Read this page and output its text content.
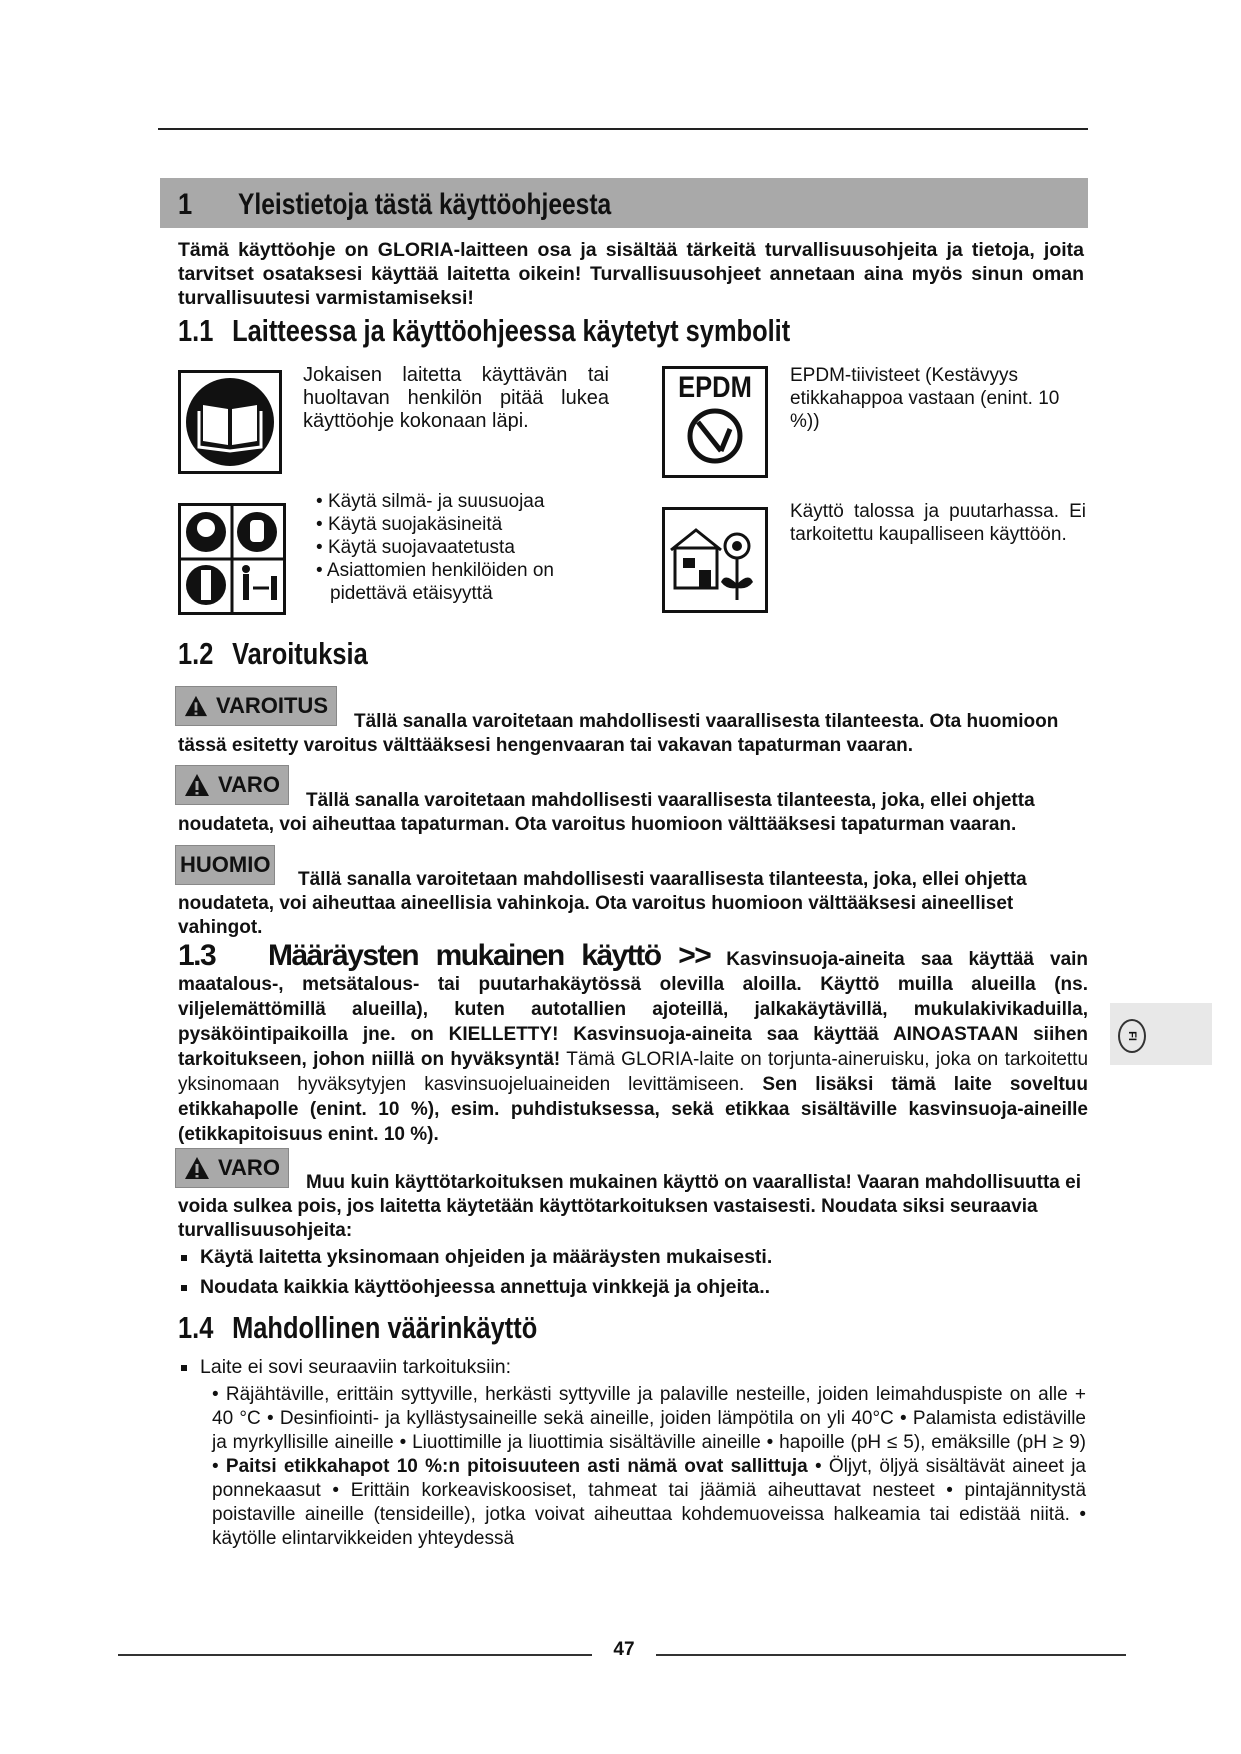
1 Yleistietoja tästä käyttöohjeesta
Tämä käyttöohje on GLORIA-laitteen osa ja sisältää tärkeitä turvallisuusohjeita ja tietoja, joita tarvitset osataksesi käyttää laitetta oikein! Turvallisuusohjeet annetaan aina myös sinun oman turvallisuutesi varmistamiseksi!
1.1 Laitteessa ja käyttöohjeessa käytetyt symbolit
Jokaisen laitetta käyttävän tai huoltavan henkilön pitää lukea käyttöohje kokonaan läpi.
EPDM EPDM-tiivisteet (Kestävyys etikkahappoa vastaan (enint. 10 %))
• Käytä silmä- ja suusuojaa
• Käytä suojakäsineitä
• Käytä suojavaatetusta
• Asiattomien henkilöiden on pidettävä etäisyyttä
Käyttö talossa ja puutarhassa. Ei tarkoitettu kaupalliseen käyttöön.
1.2 Varoituksia
VAROITUS
Tällä sanalla varoitetaan mahdollisesti vaarallisesta tilanteesta. Ota huomioon tässä esitetty varoitus välttääksesi hengenvaaran tai vakavan tapaturman vaaran.
VARO
Tällä sanalla varoitetaan mahdollisesti vaarallisesta tilanteesta, joka, ellei ohjetta noudateta, voi aiheuttaa tapaturman. Ota varoitus huomioon välttääksesi tapaturman vaaran.
HUOMIO
Tällä sanalla varoitetaan mahdollisesti vaarallisesta tilanteesta, joka, ellei ohjetta noudateta, voi aiheuttaa aineellisia vahinkoja. Ota varoitus huomioon välttääksesi aineelliset vahingot.
1.3 Määräysten mukainen käyttö >> Kasvinsuoja-aineita saa käyttää vain maatalous-, metsätalous- tai puutarhakäytössä olevilla aloilla. Käyttö muilla alueilla (ns. viljelemättömillä alueilla), kuten autotallien ajoteillä, jalkakäytävillä, mukulakivikaduilla, pysäköintipaikoilla jne. on KIELLETTY! Kasvinsuoja-aineita saa käyttää AINOASTAAN siihen tarkoitukseen, johon niillä on hyväksyntä! Tämä GLORIA-laite on torjunta-aineruisku, joka on tarkoitettu yksinomaan hyväksytyjen kasvinsuojeluaineiden levittämiseen. Sen lisäksi tämä laite soveltuu etikkahapolle (enint. 10 %), esim. puhdistuksessa, sekä etikkaa sisältäville kasvinsuoja-aineille (etikkapitoisuus enint. 10 %).
VARO
Muu kuin käyttötarkoituksen mukainen käyttö on vaarallista! Vaaran mahdollisuutta ei voida sulkea pois, jos laitetta käytetään käyttötarkoituksen vastaisesti. Noudata siksi seuraavia turvallisuusohjeita:
Käytä laitetta yksinomaan ohjeiden ja määräysten mukaisesti.
Noudata kaikkia käyttöohjeessa annettuja vinkkejä ja ohjeita..
1.4 Mahdollinen väärinkäyttö
Laite ei sovi seuraaviin tarkoituksiin:
• Räjähtäville, erittäin syttyville, herkästi syttyville ja palaville nesteille, joiden leimahduspiste on alle + 40 °C • Desinfiointi- ja kyllästysaineille sekä aineille, joiden lämpötila on yli 40°C • Palamista edistäville ja myrkyllisille aineille • Liuottimille ja liuottimia sisältäville aineille • hapoille (pH ≤ 5), emäksille (pH ≥ 9) • Paitsi etikkahapot 10 %:n pitoisuuteen asti nämä ovat sallittuja • Öljyt, öljyä sisältävät aineet ja ponnekaasut • Erittäin korkeaviskoosiset, tahmeat tai jäämiä aiheuttavat nesteet • pintajännitystä poistaville aineille (tensideille), jotka voivat aiheuttaa kohdemuoveissa halkeamia tai edistää niitä. • käytölle elintarvikkeiden yhteydessä
FI
47
